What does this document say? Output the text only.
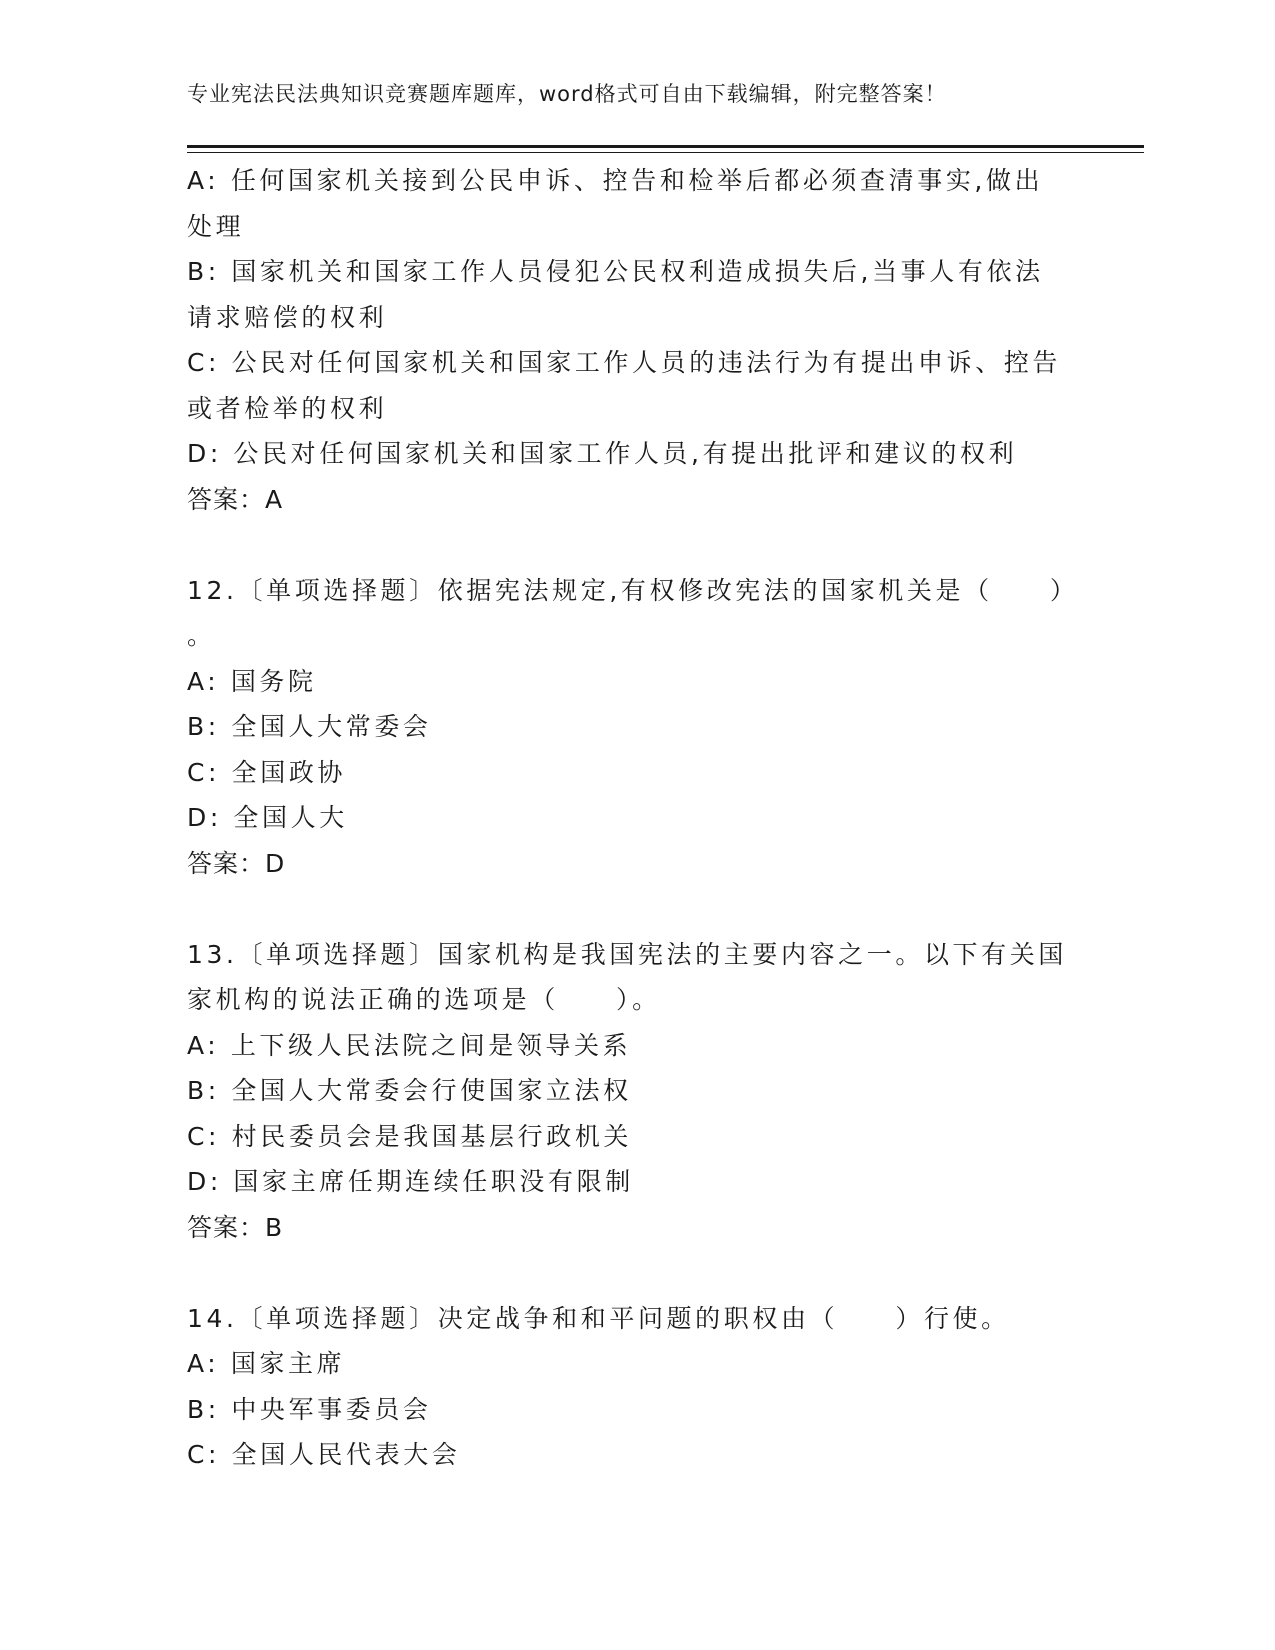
专业宪法民法典知识竞赛题库题库，word格式可自由下载编辑，附完整答案！
A: 任何国家机关接到公民申诉、控告和检举后都必须查清事实,做出
处理
B: 国家机关和国家工作人员侵犯公民权利造成损失后,当事人有依法
请求赔偿的权利
C: 公民对任何国家机关和国家工作人员的违法行为有提出申诉、控告
或者检举的权利
D: 公民对任何国家机关和国家工作人员,有提出批评和建议的权利
答案：A
12.〔单项选择题〕依据宪法规定,有权修改宪法的国家机关是（　　）
。
A: 国务院
B: 全国人大常委会
C: 全国政协
D: 全国人大
答案：D
13.〔单项选择题〕国家机构是我国宪法的主要内容之一。以下有关国
家机构的说法正确的选项是（　　）。
A: 上下级人民法院之间是领导关系
B: 全国人大常委会行使国家立法权
C: 村民委员会是我国基层行政机关
D: 国家主席任期连续任职没有限制
答案：B
14.〔单项选择题〕决定战争和和平问题的职权由（　　）行使。
A: 国家主席
B: 中央军事委员会
C: 全国人民代表大会
